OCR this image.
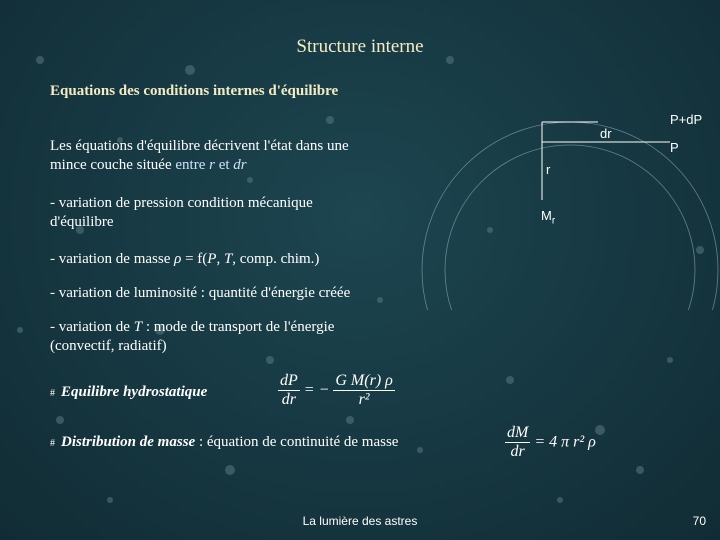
Structure interne
Equations des conditions internes d'équilibre
Les équations d'équilibre décrivent l'état dans une
mince couche située entre r et dr
- variation de pression condition mécanique
d'équilibre
- variation de masse ρ = f(P, T, comp. chim.)
- variation de luminosité : quantité d'énergie créée
- variation de T : mode de transport de l'énergie
(convectif, radiatif)
# Equilibre hydrostatique	$\frac{dP}{dr}$ = − $\frac{\text{G M(r) ρ}}{\text{r²}}$
# Distribution de masse : équation de continuité de masse	$\frac{dM}{dr} = 4$ π r² ρ
P+dP
P
dr
r
$M_r$
La lumière des astres	70
